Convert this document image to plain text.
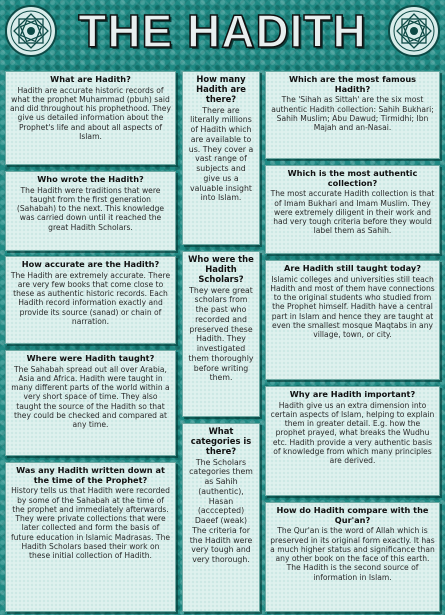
THE HADITH
What are Hadith?
Hadith are accurate historic records of what the prophet Muhammad (pbuh) said and did throughout his prophethood. They give us detailed information about the Prophet's life and about all aspects of Islam.
Who wrote the Hadith?
The Hadith were traditions that were taught from the first generation (Sahabah) to the next. This knowledge was carried down until it reached the great Hadith Scholars.
How accurate are the Hadith?
The Hadith are extremely accurate. There are very few books that come close to these as authentic historic records. Each Hadith record information exactly and provide its source (sanad) or chain of narration.
Where were Hadith taught?
The Sahabah spread out all over Arabia, Asia and Africa. Hadith were taught in many different parts of the world within a very short space of time. They also taught the source of the Hadith so that they could be checked and compared at any time.
Was any Hadith written down at the time of the Prophet?
History tells us that Hadith were recorded by some of the Sahabah at the time of the prophet and immediately afterwards. They were private collections that were later collected and form the basis of future education in Islamic Madrasas. The Hadith Scholars based their work on these initial collection of Hadith.
How many Hadith are there?
There are literally millions of Hadith which are available to us. They cover a vast range of subjects and give us a valuable insight into Islam.
Who were the Hadith Scholars?
They were great scholars from the past who recorded and preserved these Hadith. They investigated them thoroughly before writing them.
What categories is there?
The Scholars categories them as Sahih (authentic), Hasan (acccepted) Daeef (weak) The criteria for the Hadith were very tough and very thorough.
Which are the most famous Hadith?
The 'Sihah as Sittah' are the six most authentic Hadith collection: Sahih Bukhari; Sahih Muslim; Abu Dawud; Tirmidhi; Ibn Majah and an-Nasai.
Which is the most authentic collection?
The most accurate Hadith collection is that of Imam Bukhari and Imam Muslim. They were extremely diligent in their work and had very tough criteria before they would label them as Sahih.
Are Hadith still taught today?
Islamic colleges and universities still teach Hadith and most of them have connections to the original students who studied from the Prophet himself. Hadith have a central part in Islam and hence they are taught at even the smallest mosque Maqtabs in any village, town, or city.
Why are Hadith important?
Hadith give us an extra dimension into certain aspects of Islam, helping to explain them in greater detail. E.g. how the prophet prayed, what breaks the Wudhu etc. Hadith provide a very authentic basis of knowledge from which many principles are derived.
How do Hadith compare with the Qur'an?
The Qur'an is the word of Allah which is preserved in its original form exactly. It has a much higher status and significance than any other book on the face of this earth. The Hadith is the second source of information in Islam.
